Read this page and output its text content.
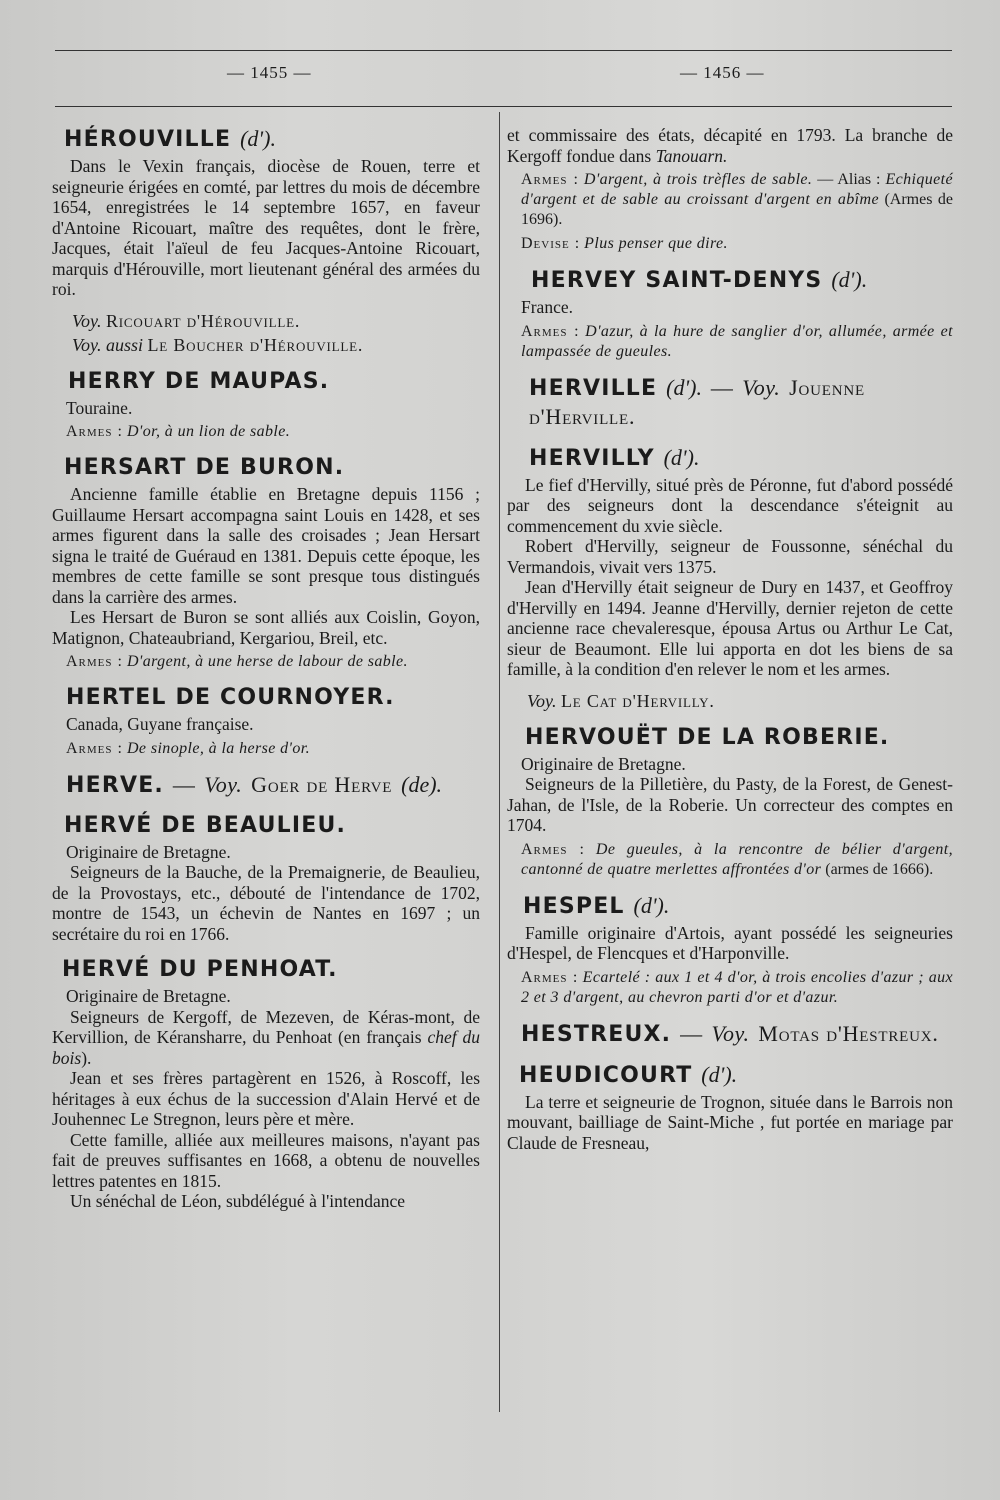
— 1455 —	— 1456 —
HÉROUVILLE (d').

Dans le Vexin français, diocèse de Rouen, terre et seigneurie érigées en comté, par lettres du mois de décembre 1654, enregistrées le 14 septembre 1657, en faveur d'Antoine Ricouart, maître des requêtes, dont le frère, Jacques, était l'aïeul de feu Jacques-Antoine Ricouart, marquis d'Hérouville, mort lieutenant général des armées du roi.

Voy. Ricouart d'Hérouville.
Voy. aussi Le Boucher d'Hérouville.
HERRY DE MAUPAS.

Touraine.

Armes : D'or, à un lion de sable.
HERSART DE BURON.

Ancienne famille établie en Bretagne depuis 1156 ; Guillaume Hersart accompagna saint Louis en 1428, et ses armes figurent dans la salle des croisades ; Jean Hersart signa le traité de Guéraud en 1381. Depuis cette époque, les membres de cette famille se sont presque tous distingués dans la carrière des armes.

Les Hersart de Buron se sont alliés aux Coislin, Goyon, Matignon, Chateaubriand, Kergariou, Breil, etc.

Armes : D'argent, à une herse de labour de sable.
HERTEL DE COURNOYER.

Canada, Guyane française.

Armes : De sinople, à la herse d'or.
HERVE. — Voy. Goer de Herve (de).
HERVÉ DE BEAULIEU.

Originaire de Bretagne.

Seigneurs de la Bauche, de la Premaignerie, de Beaulieu, de la Provostays, etc., débouté de l'intendance de 1702, montre de 1543, un échevin de Nantes en 1697 ; un secrétaire du roi en 1766.

HERVÉ DU PENHOAT.

Originaire de Bretagne.

Seigneurs de Kergoff, de Mezeven, de Kéras-mont, de Kervillion, de Kéransharre, du Penhoat (en français chef du bois).

Jean et ses frères partagèrent en 1526, à Roscoff, les héritages à eux échus de la succession d'Alain Hervé et de Jouhennec Le Stregnon, leurs père et mère.

Cette famille, alliée aux meilleures maisons, n'ayant pas fait de preuves suffisantes en 1668, a obtenu de nouvelles lettres patentes en 1815.

Un sénéchal de Léon, subdélégué à l'intendance

et commissaire des états, décapité en 1793. La branche de Kergoff fondue dans Tanouarn.

Armes : D'argent, à trois trèfles de sable. — Alias : Echiqueté d'argent et de sable au croissant d'argent en abîme (Armes de 1696).
Devise : Plus penser que dire.
HERVEY SAINT-DENYS (d').

France.

Armes : D'azur, à la hure de sanglier d'or, allumée, armée et lampassée de gueules.
HERVILLE (d'). — Voy. Jouenne d'Herville.
HERVILLY (d').

Le fief d'Hervilly, situé près de Péronne, fut d'abord possédé par des seigneurs dont la descendance s'éteignit au commencement du xvie siècle.

Robert d'Hervilly, seigneur de Foussonne, sénéchal du Vermandois, vivait vers 1375.

Jean d'Hervilly était seigneur de Dury en 1437, et Geoffroy d'Hervilly en 1494. Jeanne d'Hervilly, dernier rejeton de cette ancienne race chevaleresque, épousa Artus ou Arthur Le Cat, sieur de Beaumont. Elle lui apporta en dot les biens de sa famille, à la condition d'en relever le nom et les armes.

Voy. Le Cat d'Hervilly.
HERVOUËT DE LA ROBERIE.

Originaire de Bretagne.

Seigneurs de la Pilletière, du Pasty, de la Forest, de Genest-Jahan, de l'Isle, de la Roberie. Un correcteur des comptes en 1704.

Armes : De gueules, à la rencontre de bélier d'argent, cantonné de quatre merlettes affrontées d'or (armes de 1666).
HESPEL (d').

Famille originaire d'Artois, ayant possédé les seigneuries d'Hespel, de Flencques et d'Harponville.

Armes : Ecartelé : aux 1 et 4 d'or, à trois encolies d'azur ; aux 2 et 3 d'argent, au chevron parti d'or et d'azur.
HESTREUX. — Voy. Motas d'Hestreux.
HEUDICOURT (d').

La terre et seigneurie de Trognon, située dans le Barrois non mouvant, bailliage de Saint-Miche , fut portée en mariage par Claude de Fresneau,
